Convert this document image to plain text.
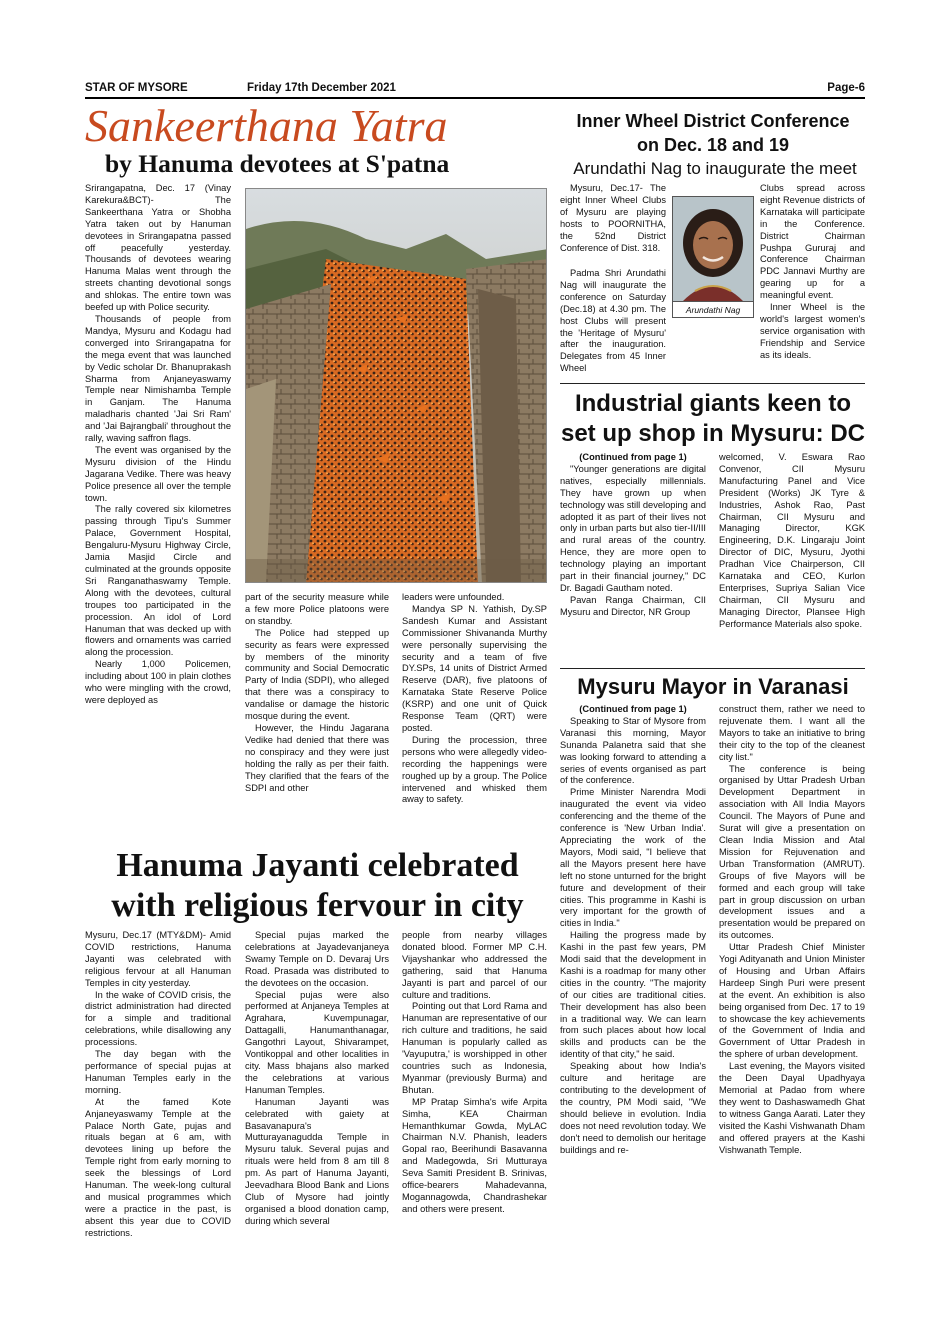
STAR OF MYSORE	Friday 17th December 2021	Page-6
Sankeerthana Yatra
by Hanuma devotees at S'patna

Srirangapatna, Dec. 17 (Vinay Karekura&BCT)- The Sankeerthana Yatra or Shobha Yatra taken out by Hanuman devotees in Srirangapatna passed off peacefully yesterday. Thousands of devotees wearing Hanuma Malas went through the streets chanting devotional songs and shlokas. The entire town was beefed up with Police security.

Thousands of people from Mandya, Mysuru and Kodagu had converged into Srirangapatna for the mega event that was launched by Vedic scholar Dr. Bhanuprakash Sharma from Anjaneyaswamy Temple near Nimishamba Temple in Ganjam. The Hanuma maladharis chanted 'Jai Sri Ram' and 'Jai Bajrangbali' throughout the rally, waving saffron flags.

The event was organised by the Mysuru division of the Hindu Jagarana Vedike. There was heavy Police presence all over the temple town.

The rally covered six kilometres passing through Tipu's Summer Palace, Government Hospital, Bengaluru-Mysuru Highway Circle, Jamia Masjid Circle and culminated at the grounds opposite Sri Ranganathaswamy Temple. Along with the devotees, cultural troupes too participated in the procession. An idol of Lord Hanuman that was decked up with flowers and ornaments was carried along the procession.

Nearly 1,000 Policemen, including about 100 in plain clothes who were mingling with the crowd, were deployed as

part of the security measure while a few more Police platoons were on standby.

The Police had stepped up security as fears were expressed by members of the minority community and Social Democratic Party of India (SDPI), who alleged that there was a conspiracy to vandalise or damage the historic mosque during the event.

However, the Hindu Jagarana Vedike had denied that there was no conspiracy and they were just holding the rally as per their faith. They clarified that the fears of the SDPI and other

leaders were unfounded.

Mandya SP N. Yathish, Dy.SP Sandesh Kumar and Assistant Commissioner Shivananda Murthy were personally supervising the security and a team of five DY.SPs, 14 units of District Armed Reserve (DAR), five platoons of Karnataka State Reserve Police (KSRP) and one unit of Quick Response Team (QRT) were posted.

During the procession, three persons who were allegedly video-recording the happenings were roughed up by a group. The Police intervened and whisked them away to safety.

Inner Wheel District Conference
on Dec. 18 and 19
Arundathi Nag to inaugurate the meet
Arundathi Nag

Mysuru, Dec.17- The eight Inner Wheel Clubs of Mysuru are playing hosts to POORNITHA, the 52nd District Conference of Dist. 318.

Padma Shri Arundathi Nag will inaugurate the conference on Saturday (Dec.18) at 4.30 pm. The host Clubs will present the 'Heritage of Mysuru' after the inauguration. Delegates from 45 Inner Wheel

Clubs spread across eight Revenue districts of Karnataka will participate in the Conference. District Chairman Pushpa Gururaj and Conference Chairman PDC Jannavi Murthy are gearing up for a meaningful event.

Inner Wheel is the world's largest women's service organisation with Friendship and Service as its ideals.

Industrial giants keen to
set up shop in Mysuru: DC

(Continued from page 1)

"Younger generations are digital natives, especially millennials. They have grown up when technology was still developing and adopted it as part of their lives not only in urban parts but also tier-II/III and rural areas of the country. Hence, they are more open to technology playing an important part in their financial journey," DC Dr. Bagadi Gautham noted.

Pavan Ranga Chairman, CII Mysuru and Director, NR Group

welcomed, V. Eswara Rao Convenor, CII Mysuru Manufacturing Panel and Vice President (Works) JK Tyre & Industries, Ashok Rao, Past Chairman, CII Mysuru and Managing Director, KGK Engineering, D.K. Lingaraju Joint Director of DIC, Mysuru, Jyothi Pradhan Vice Chairperson, CII Karnataka and CEO, Kurlon Enterprises, Supriya Salian Vice Chairman, CII Mysuru and Managing Director, Plansee High Performance Materials also spoke.

Mysuru Mayor in Varanasi

(Continued from page 1)

Speaking to Star of Mysore from Varanasi this morning, Mayor Sunanda Palanetra said that she was looking forward to attending a series of events organised as part of the conference.

Prime Minister Narendra Modi inaugurated the event via video conferencing and the theme of the conference is 'New Urban India'. Appreciating the work of the Mayors, Modi said, "I believe that all the Mayors present here have left no stone unturned for the bright future and development of their cities. This programme in Kashi is very important for the growth of cities in India."

Hailing the progress made by Kashi in the past few years, PM Modi said that the development in Kashi is a roadmap for many other cities in the country. "The majority of our cities are traditional cities. Their development has also been in a traditional way. We can learn from such places about how local skills and products can be the identity of that city," he said.

Speaking about how India's culture and heritage are contributing to the development of the country, PM Modi said, "We should believe in evolution. India does not need revolution today. We don't need to demolish our heritage buildings and re-

construct them, rather we need to rejuvenate them. I want all the Mayors to take an initiative to bring their city to the top of the cleanest city list."

The conference is being organised by Uttar Pradesh Urban Development Department in association with All India Mayors Council. The Mayors of Pune and Surat will give a presentation on Clean India Mission and Atal Mission for Rejuvenation and Urban Transformation (AMRUT). Groups of five Mayors will be formed and each group will take part in group discussion on urban development issues and a presentation would be prepared on its outcomes.

Uttar Pradesh Chief Minister Yogi Adityanath and Union Minister of Housing and Urban Affairs Hardeep Singh Puri were present at the event. An exhibition is also being organised from Dec. 17 to 19 to showcase the key achievements of the Government of India and Government of Uttar Pradesh in the sphere of urban development.

Last evening, the Mayors visited the Deen Dayal Upadhyaya Memorial at Padao from where they went to Dashaswamedh Ghat to witness Ganga Aarati. Later they visited the Kashi Vishwanath Dham and offered prayers at the Kashi Vishwanath Temple.

Hanuma Jayanti celebrated
with religious fervour in city

Mysuru, Dec.17 (MTY&DM)- Amid COVID restrictions, Hanuma Jayanti was celebrated with religious fervour at all Hanuman Temples in city yesterday.

In the wake of COVID crisis, the district administration had directed for a simple and traditional celebrations, while disallowing any processions.

The day began with the performance of special pujas at Hanuman Temples early in the morning.

At the famed Kote Anjaneyaswamy Temple at the Palace North Gate, pujas and rituals began at 6 am, with devotees lining up before the Temple right from early morning to seek the blessings of Lord Hanuman. The week-long cultural and musical programmes which were a practice in the past, is absent this year due to COVID restrictions.

Special pujas marked the celebrations at Jayadevanjaneya Swamy Temple on D. Devaraj Urs Road. Prasada was distributed to the devotees on the occasion.

Special pujas were also performed at Anjaneya Temples at Agrahara, Kuvempunagar, Dattagalli, Hanumanthanagar, Gangothri Layout, Shivarampet, Vontikoppal and other localities in city. Mass bhajans also marked the celebrations at various Hanuman Temples.

Hanuman Jayanti was celebrated with gaiety at Basavanapura's Mutturayanagudda Temple in Mysuru taluk. Several pujas and rituals were held from 8 am till 8 pm. As part of Hanuma Jayanti, Jeevadhara Blood Bank and Lions Club of Mysore had jointly organised a blood donation camp, during which several

people from nearby villages donated blood. Former MP C.H. Vijayshankar who addressed the gathering, said that Hanuma Jayanti is part and parcel of our culture and traditions.

Pointing out that Lord Rama and Hanuman are representative of our rich culture and traditions, he said Hanuman is popularly called as 'Vayuputra,' is worshipped in other countries such as Indonesia, Myanmar (previously Burma) and Bhutan.

MP Pratap Simha's wife Arpita Simha, KEA Chairman Hemanthkumar Gowda, MyLAC Chairman N.V. Phanish, leaders Gopal rao, Beerihundi Basavanna and Madegowda, Sri Mutturaya Seva Samiti President B. Srinivas, office-bearers Mahadevanna, Mogannagowda, Chandrashekar and others were present.
